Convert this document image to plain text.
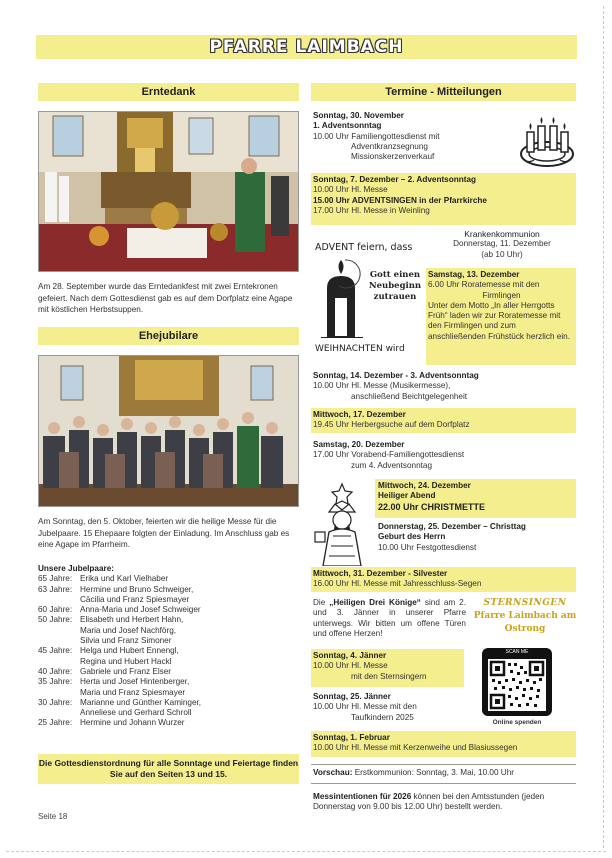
PFARRE LAIMBACH
Erntedank
Am 28. September wurde das Erntedankfest mit zwei Erntekronen gefeiert. Nach dem Gottesdienst gab es auf dem Dorfplatz eine Agape mit köstlichen Herbstsuppen.
Ehejubilare
Am Sonntag, den 5. Oktober, feierten wir die heilige Messe für die Jubelpaare. 15 Ehepaare folgten der Einladung. Im Anschluss gab es eine Agape im Pfarrheim.
Unsere Jubelpaare:
65 Jahre: Erika und Karl Vielhaber
63 Jahre: Hermine und Bruno Schweiger,
Cäcilia und Franz Spiesmayer
60 Jahre: Anna-Maria und Josef Schweiger
50 Jahre: Elisabeth und Herbert Hahn,
Maria und Josef Nachförg,
Silvia und Franz Simoner
45 Jahre: Helga und Hubert Ennengl,
Regina und Hubert Hackl
40 Jahre: Gabriele und Franz Elser
35 Jahre: Herta und Josef Hintenberger,
Maria und Franz Spiesmayer
30 Jahre: Marianne und Günther Kaminger,
Anneliese und Gerhard Schroll
25 Jahre: Hermine und Johann Wurzer
Die Gottesdienstordnung für alle Sonntage und Feiertage finden Sie auf den Seiten 13 und 15.
Seite 18
Termine - Mitteilungen
Sonntag, 30. November
1. Adventsonntag
10.00 Uhr Familiengottesdienst mit
Adventkranzsegnung
Missionskerzenverkauf
Sonntag, 7. Dezember – 2. Adventsonntag
10.00 Uhr Hl. Messe
15.00 Uhr ADVENTSINGEN in der Pfarrkirche
17.00 Uhr Hl. Messe in Weinling
ADVENT feiern, dass
Gott einen Neubeginn zutrauen
WEIHNACHTEN wird
Krankenkommunion
Donnerstag, 11. Dezember
(ab 10 Uhr)
Samstag, 13. Dezember
6.00 Uhr Roratemesse mit den
Firmlingen
Unter dem Motto „In aller Herrgotts Früh“ laden wir zur Roratemesse mit den Firmlingen und zum anschließenden Frühstück herzlich ein.
Sonntag, 14. Dezember - 3. Adventsonntag
10.00 Uhr Hl. Messe (Musikermesse),
anschließend Beichtgelegenheit
Mittwoch, 17. Dezember
19.45 Uhr Herbergsuche auf dem Dorfplatz
Samstag, 20. Dezember
17.00 Uhr Vorabend-Familiengottesdienst
zum 4. Adventsonntag
Mittwoch, 24. Dezember
Heiliger Abend
22.00 Uhr CHRISTMETTE
Donnerstag, 25. Dezember – Christtag
Geburt des Herrn
10.00 Uhr Festgottesdienst
Mittwoch, 31. Dezember - Silvester
16.00 Uhr Hl. Messe mit Jahresschluss-Segen
Die „Heiligen Drei Könige“ sind am 2. und 3. Jänner in unserer Pfarre unterwegs. Wir bitten um offene Türen und offene Herzen!
STERNSINGEN
Pfarre Laimbach am Ostrong
SCAN ME
Online spenden
Sonntag, 4. Jänner
10.00 Uhr Hl. Messe
mit den Sternsingern
Sonntag, 25. Jänner
10.00 Uhr Hl. Messe mit den
Taufkindern 2025
Sonntag, 1. Februar
10.00 Uhr Hl. Messe mit Kerzenweihe und Blasiussegen
Vorschau: Erstkommunion: Sonntag, 3. Mai, 10.00 Uhr
Messintentionen für 2026 können bei den Amtsstunden (jeden Donnerstag von 9.00 bis 12.00 Uhr) bestellt werden.
